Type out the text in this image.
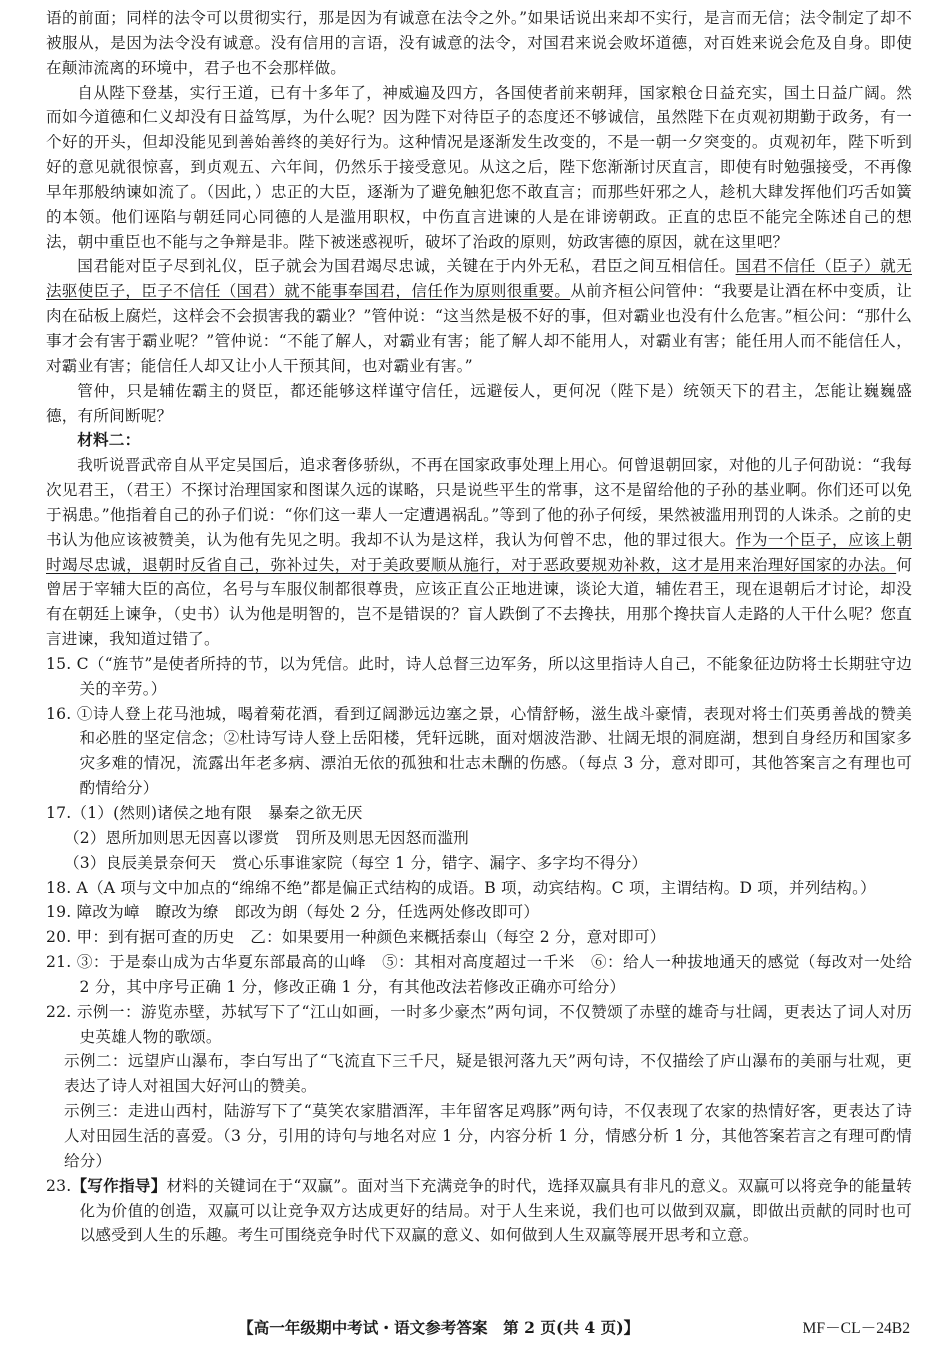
语的前面；同样的法令可以贯彻实行，那是因为有诚意在法令之外。”如果话说出来却不实行，是言而无信；法令制定了却不被服从，是因为法令没有诚意。没有信用的言语，没有诚意的法令，对国君来说会败坏道德，对百姓来说会危及自身。即使在颠沛流离的环境中，君子也不会那样做。

自从陛下登基，实行王道，已有十多年了，神威遍及四方，各国使者前来朝拜，国家粮仓日益充实，国土日益广阔。然而如今道德和仁义却没有日益笃厚，为什么呢？因为陛下对待臣子的态度还不够诚信，虽然陛下在贞观初期勤于政务，有一个好的开头，但却没能见到善始善终的美好行为。这种情况是逐渐发生改变的，不是一朝一夕突变的。贞观初年，陛下听到好的意见就很惊喜，到贞观五、六年间，仍然乐于接受意见。从这之后，陛下您渐渐讨厌直言，即使有时勉强接受，不再像早年那般纳谏如流了。（因此，）忠正的大臣，逐渐为了避免触犯您不敢直言；而那些奸邪之人，趁机大肆发挥他们巧舌如簧的本领。他们诬陷与朝廷同心同德的人是滥用职权，中伤直言进谏的人是在诽谤朝政。正直的忠臣不能完全陈述自己的想法，朝中重臣也不能与之争辩是非。陛下被迷惑视听，破坏了治政的原则，妨政害德的原因，就在这里吧？

国君能对臣子尽到礼仪，臣子就会为国君竭尽忠诚，关键在于内外无私，君臣之间互相信任。国君不信任（臣子）就无法驱使臣子，臣子不信任（国君）就不能事奉国君，信任作为原则很重要。从前齐桓公问管仲：“我要是让酒在杯中变质，让肉在砧板上腐烂，这样会不会损害我的霸业？”管仲说：“这当然是极不好的事，但对霸业也没有什么危害。”桓公问：“那什么事才会有害于霸业呢？”管仲说：“不能了解人，对霸业有害；能了解人却不能用人，对霸业有害；能任用人而不能信任人，对霸业有害；能信任人却又让小人干预其间，也对霸业有害。”

管仲，只是辅佐霸主的贤臣，都还能够这样谨守信任，远避佞人，更何况（陛下是）统领天下的君主，怎能让巍巍盛德，有所间断呢？

材料二：

我听说晋武帝自从平定吴国后，追求奢侈骄纵，不再在国家政事处理上用心。何曾退朝回家，对他的儿子何劭说：“我每次见君王，（君王）不探讨治理国家和图谋久远的谋略，只是说些平生的常事，这不是留给他的子孙的基业啊。你们还可以免于祸患。”他指着自己的孙子们说：“你们这一辈人一定遭遇祸乱。”等到了他的孙子何绥，果然被滥用刑罚的人诛杀。之前的史书认为他应该被赞美，认为他有先见之明。我却不认为是这样，我认为何曾不忠，他的罪过很大。作为一个臣子，应该上朝时竭尽忠诚，退朝时反省自己，弥补过失，对于美政要顺从施行，对于恶政要规劝补救，这才是用来治理好国家的办法。何曾居于宰辅大臣的高位，名号与车服仪制都很尊贵，应该正直公正地进谏，谈论大道，辅佐君王，现在退朝后才讨论，却没有在朝廷上谏争，（史书）认为他是明智的，岂不是错误的？盲人跌倒了不去搀扶，用那个搀扶盲人走路的人干什么呢？您直言进谏，我知道过错了。

15. C（“旌节”是使者所持的节，以为凭信。此时，诗人总督三边军务，所以这里指诗人自己，不能象征边防将士长期驻守边关的辛劳。）

16. ①诗人登上花马池城，喝着菊花酒，看到辽阔渺远边塞之景，心情舒畅，滋生战斗豪情，表现对将士们英勇善战的赞美和必胜的坚定信念；②杜诗写诗人登上岳阳楼，凭轩远眺，面对烟波浩渺、壮阔无垠的洞庭湖，想到自身经历和国家多灾多难的情况，流露出年老多病、漂泊无依的孤独和壮志未酬的伤感。（每点 3 分，意对即可，其他答案言之有理也可酌情给分）

17.（1）(然则)诸侯之地有限　暴秦之欲无厌

（2）恩所加则思无因喜以谬赏　罚所及则思无因怒而滥刑

（3）良辰美景奈何天　赏心乐事谁家院（每空 1 分，错字、漏字、多字均不得分）

18. A（A 项与文中加点的“绵绵不绝”都是偏正式结构的成语。B 项，动宾结构。C 项，主谓结构。D 项，并列结构。）

19. 障改为嶂　瞭改为缭　郎改为朗（每处 2 分，任选两处修改即可）

20. 甲：到有据可查的历史　乙：如果要用一种颜色来概括泰山（每空 2 分，意对即可）

21. ③：于是泰山成为古华夏东部最高的山峰　⑤：其相对高度超过一千米　⑥：给人一种拔地通天的感觉（每改对一处给 2 分，其中序号正确 1 分，修改正确 1 分，有其他改法若修改正确亦可给分）

22. 示例一：游览赤壁，苏轼写下了“江山如画，一时多少豪杰”两句词，不仅赞颂了赤壁的雄奇与壮阔，更表达了词人对历史英雄人物的歌颂。

示例二：远望庐山瀑布，李白写出了“飞流直下三千尺，疑是银河落九天”两句诗，不仅描绘了庐山瀑布的美丽与壮观，更表达了诗人对祖国大好河山的赞美。

示例三：走进山西村，陆游写下了“莫笑农家腊酒浑，丰年留客足鸡豚”两句诗，不仅表现了农家的热情好客，更表达了诗人对田园生活的喜爱。（3 分，引用的诗句与地名对应 1 分，内容分析 1 分，情感分析 1 分，其他答案若言之有理可酌情给分）

23.【写作指导】材料的关键词在于“双赢”。面对当下充满竞争的时代，选择双赢具有非凡的意义。双赢可以将竞争的能量转化为价值的创造，双赢可以让竞争双方达成更好的结局。对于人生来说，我们也可以做到双赢，即做出贡献的同时也可以感受到人生的乐趣。考生可围绕竞争时代下双赢的意义、如何做到人生双赢等展开思考和立意。

【高一年级期中考试・语文参考答案　第 2 页(共 4 页)】	MF－CL－24B2
